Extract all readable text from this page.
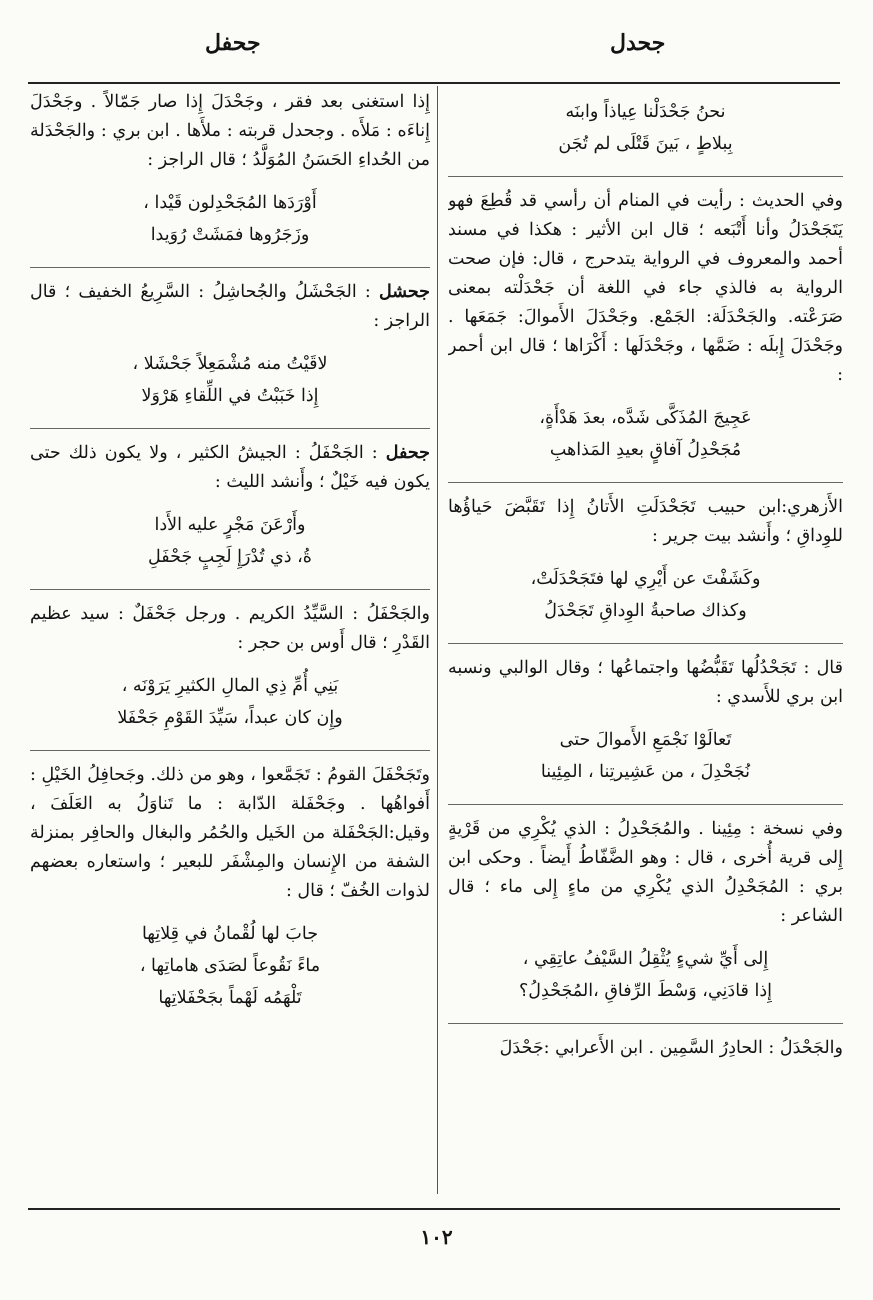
جحدل
جحفل
نحنُ جَحْدَلْنا عِياذاً وابنَه
بِبلاطٍ ، بَينَ قَتْلَى لم تُجَن

وفي الحديث : رأيت في المنام أن رأسي قد قُطِعَ فهو يَتَجَحْدَلُ وأنا أَتْبَعه ؛ قال ابن الأثير : هكذا في مسند أحمد والمعروف في الرواية يتدحرج ، قال: فإن صحت الرواية به فالذي جاء في اللغة أن جَحْدَلْته بمعنى صَرَعْته. والجَحْدَلَة: الجَمْع. وجَحْدَلَ الأَموالَ: جَمَعَها . وجَحْدَلَ إِبلَه : ضَمَّها ، وجَحْدَلَها : أَكْرَاها ؛ قال ابن أحمر :

عَجِيجَ المُذَكَّى شَدَّه، بعدَ هَدْأَةٍ،
مُجَحْدِلُ آفاقٍ بعيدِ المَذاهبِ

الأَزهري:ابن حبيب تَجَحْدَلَتِ الأَتانُ إِذا تَقَبَّضَ حَياؤُها للوِداقِ ؛ وأَنشد بيت جرير :

وكَشَفْتَ عن أَيْرِي لها فتَجَحْدَلَتْ،
وكذاك صاحبةُ الوِداقِ تَجَحْدَلُ

قال : تَجَحْدُلُها تَقَبُّضُها واجتماعُها ؛ وقال الوالبي ونسبه ابن بري للأَسدي :

تَعالَوْا نَجْمَعِ الأَموالَ حتى
نُجَحْدِلَ ، من عَشِيرتِنا ، المِئِينا

وفي نسخة : مِئِينا . والمُجَحْدِلُ : الذي يُكْرِي من قَرْيةٍ إِلى قرية أُخرى ، قال : وهو الضَّفّاطُ أَيضاً . وحكى ابن بري : المُجَحْدِلُ الذي يُكْرِي من ماءٍ إِلى ماء ؛ قال الشاعر :

إِلى أَيِّ شيءٍ يُثْقِلُ السَّيْفُ عاتِقِي ،
إِذا قادَنِي، وَسْطَ الرِّفاقِ ،المُجَحْدِلُ؟

والجَحْدَلُ : الحادِرُ السَّمِين . ابن الأَعرابي :جَحْدَلَ

إِذا استغنى بعد فقر ، وجَحْدَلَ إِذا صار جَمّالاً . وجَحْدَلَ إِناءَه : مَلأَه . وجحدل قربته : ملأَها . ابن بري : والجَحْدَلة من الحُداءِ الحَسَنُ المُوَلَّدُ ؛ قال الراجز :

أَوْرَدَها المُجَحْدِلون قَيْدا ،
وزَجَرُوها فمَشَتْ رُوَيدا

جحشل : الجَحْشَلُ والجُحاشِلُ : السَّرِيعُ الخفيف ؛ قال الراجز :

لاقَيْتُ منه مُشْمَعِلاً جَحْشَلا ،
إِذا خَبَبْتُ في اللِّقاءِ هَرْوَلا

جحفل : الجَحْفَلُ : الجيشُ الكثير ، ولا يكون ذلك حتى يكون فيه خَيْلٌ ؛ وأَنشد الليث :

وأَرْعَنَ مَجْرٍ عليه الأَدا
ةُ، ذي تُدْرَإِ لَجِبٍ جَحْفَلِ

والجَحْفَلُ : السَّيِّدُ الكريم . ورجل جَحْفَلٌ : سيد عظيم القَدْرِ ؛ قال أَوس بن حجر :

بَنِي أُمِّ ذِي المالِ الكثيرِ يَرَوْنَه ،
وإِن كان عبداً، سَيِّدَ القَوْمِ جَحْفَلا

وتَجَحْفَلَ القومُ : تَجَمَّعوا ، وهو من ذلك. وجَحافِلُ الخَيْلِ : أَفواهُها . وجَحْفَلة الدّابة : ما تَناوَلُ به العَلَفَ ، وقيل:الجَحْفَلة من الخَيل والحُمُر والبغال والحافِر بمنزلة الشفة من الإِنسان والمِشْفَر للبعير ؛ واستعاره بعضهم لذوات الخُفّ ؛ قال :

جابَ لها لُقْمانُ في قِلاتِها
ماءً نَقُوعاً لصَدَى هاماتِها ،
تَلْهَمُه لَهْماً بجَحْفَلاتِها
١٠٢
